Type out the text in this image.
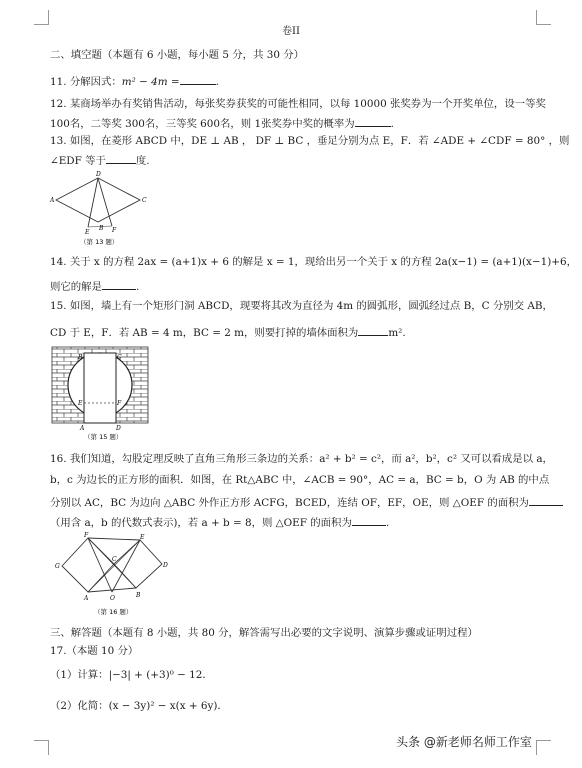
卷II
二、填空题（本题有 6 小题，每小题 5 分，共 30 分）
11. 分解因式：m² − 4m =	.
12. 某商场举办有奖销售活动，每张奖券获奖的可能性相同，以每 10000 张奖券为一个开奖单位，设一等奖
100名，二等奖 300名，三等奖 600名，则 1张奖券中奖的概率为	.
13. 如图，在菱形 ABCD 中，DE ⊥ AB ， DF ⊥ BC ，垂足分别为点 E，F．若 ∠ADE + ∠CDF = 80° ，则
∠EDF 等于	度.
D
A	C
E
B F
（第 13 题）
14. 关于 x 的方程 2ax = (a+1)x + 6 的解是 x = 1，现给出另一个关于 x 的方程 2a(x−1) = (a+1)(x−1)+6，
则它的解是	.
15. 如图，墙上有一个矩形门洞 ABCD，现要将其改为直径为 4m 的圆弧形，圆弧经过点 B，C 分别交 AB，
CD 于 E，F．若 AB = 4 m，BC = 2 m，则要打掉的墙体面积为	m².
B	C
E	F
A	D
（第 15 题）
16. 我们知道，勾股定理反映了直角三角形三条边的关系：a² + b² = c²，而 a²，b²，c² 又可以看成是以 a，
b，c 为边长的正方形的面积．如图，在 Rt△ABC 中，∠ACB = 90°，AC = a，BC = b，O 为 AB 的中点
分别以 AC，BC 为边向 △ABC 外作正方形 ACFG，BCED，连结 OF，EF，OE，则 △OEF 的面积为
（用含 a，b 的代数式表示)，若 a + b = 8，则 △OEF 的面积为	.
F	E
G
C
D
A	O	B
（第 16 题）
三、解答题（本题有 8 小题，共 80 分，解答需写出必要的文字说明、演算步骤或证明过程）
17.（本题 10 分）
（1）计算：|−3| + (+3)⁰ − 12．
（2）化简：(x − 3y)² − x(x + 6y)．
头条 @新老师名师工作室
